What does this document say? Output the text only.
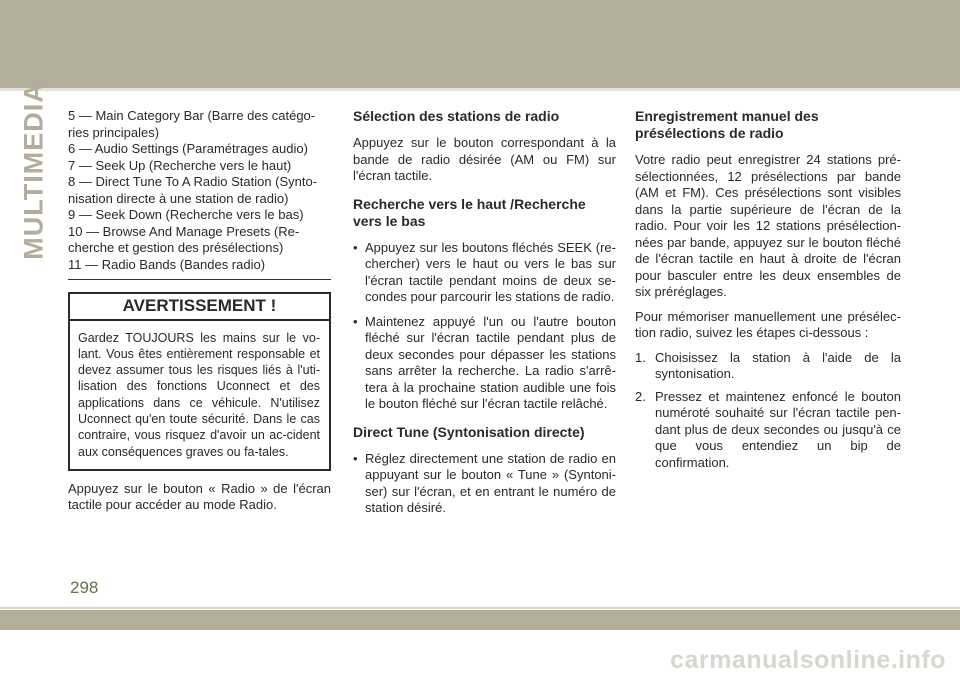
MULTIMEDIA 5 — Main Category Bar (Barre des catégo-ries principales)

6 — Audio Settings (Paramétrages audio)

7 — Seek Up (Recherche vers le haut)

8 — Direct Tune To A Radio Station (Synto-nisation directe à une station de radio)

9 — Seek Down (Recherche vers le bas)

10 — Browse And Manage Presets (Re-cherche et gestion des présélections)

11 — Radio Bands (Bandes radio)

AVERTISSEMENT !
Gardez TOUJOURS les mains sur le vo-lant. Vous êtes entièrement responsable et devez assumer tous les risques liés à l'uti-lisation des fonctions Uconnect et des applications dans ce véhicule. N'utilisez Uconnect qu'en toute sécurité. Dans le cas contraire, vous risquez d'avoir un ac-cident aux conséquences graves ou fa-tales.

Appuyez sur le bouton « Radio » de l'écran tactile pour accéder au mode Radio.

Sélection des stations de radio

Appuyez sur le bouton correspondant à la bande de radio désirée (AM ou FM) sur l'écran tactile.

Recherche vers le haut /Recherche vers le bas

• Appuyez sur les boutons fléchés SEEK (re-chercher) vers le haut ou vers le bas sur l'écran tactile pendant moins de deux se-condes pour parcourir les stations de radio.

• Maintenez appuyé l'un ou l'autre bouton fléché sur l'écran tactile pendant plus de deux secondes pour dépasser les stations sans arrêter la recherche. La radio s'arrê-tera à la prochaine station audible une fois le bouton fléché sur l'écran tactile relâché.

Direct Tune (Syntonisation directe)

• Réglez directement une station de radio en appuyant sur le bouton « Tune » (Syntoni-ser) sur l'écran, et en entrant le numéro de station désiré.

Enregistrement manuel des présélections de radio

Votre radio peut enregistrer 24 stations pré-sélectionnées, 12 présélections par bande (AM et FM). Ces présélections sont visibles dans la partie supérieure de l'écran de la radio. Pour voir les 12 stations présélection-nées par bande, appuyez sur le bouton fléché de l'écran tactile en haut à droite de l'écran pour basculer entre les deux ensembles de six préréglages.

Pour mémoriser manuellement une présélec-tion radio, suivez les étapes ci-dessous :

1. Choisissez la station à l'aide de la syntonisation.
2. Pressez et maintenez enfoncé le bouton numéroté souhaité sur l'écran tactile pen-dant plus de deux secondes ou jusqu'à ce que vous entendiez un bip de confirmation.
298
carmanualsonline.info
